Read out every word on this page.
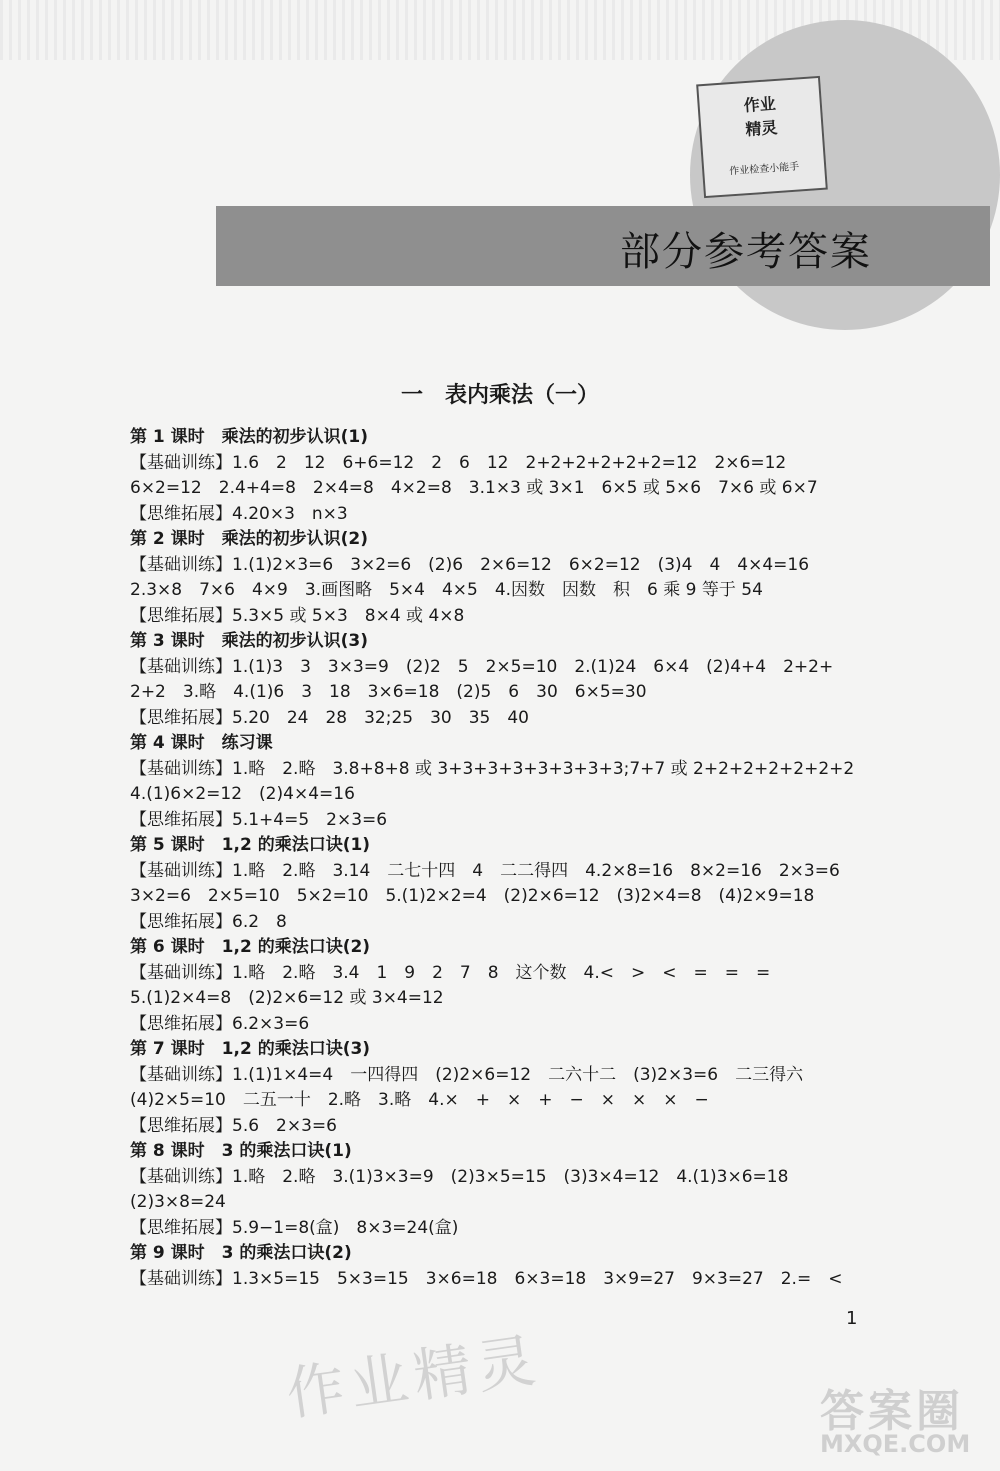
作业
精灵
作业检查小能手
部分参考答案
一　表内乘法（一）
第 1 课时　乘法的初步认识(1)
【基础训练】1.6　2　12　6+6=12　2　6　12　2+2+2+2+2+2=12　2×6=12
6×2=12　2.4+4=8　2×4=8　4×2=8　3.1×3 或 3×1　6×5 或 5×6　7×6 或 6×7
【思维拓展】4.20×3　n×3
第 2 课时　乘法的初步认识(2)
【基础训练】1.(1)2×3=6　3×2=6　(2)6　2×6=12　6×2=12　(3)4　4　4×4=16
2.3×8　7×6　4×9　3.画图略　5×4　4×5　4.因数　因数　积　6 乘 9 等于 54
【思维拓展】5.3×5 或 5×3　8×4 或 4×8
第 3 课时　乘法的初步认识(3)
【基础训练】1.(1)3　3　3×3=9　(2)2　5　2×5=10　2.(1)24　6×4　(2)4+4　2+2+
2+2　3.略　4.(1)6　3　18　3×6=18　(2)5　6　30　6×5=30
【思维拓展】5.20　24　28　32;25　30　35　40
第 4 课时　练习课
【基础训练】1.略　2.略　3.8+8+8 或 3+3+3+3+3+3+3+3;7+7 或 2+2+2+2+2+2+2
4.(1)6×2=12　(2)4×4=16
【思维拓展】5.1+4=5　2×3=6
第 5 课时　1,2 的乘法口诀(1)
【基础训练】1.略　2.略　3.14　二七十四　4　二二得四　4.2×8=16　8×2=16　2×3=6
3×2=6　2×5=10　5×2=10　5.(1)2×2=4　(2)2×6=12　(3)2×4=8　(4)2×9=18
【思维拓展】6.2　8
第 6 课时　1,2 的乘法口诀(2)
【基础训练】1.略　2.略　3.4　1　9　2　7　8　这个数　4.<　>　<　=　=　=
5.(1)2×4=8　(2)2×6=12 或 3×4=12
【思维拓展】6.2×3=6
第 7 课时　1,2 的乘法口诀(3)
【基础训练】1.(1)1×4=4　一四得四　(2)2×6=12　二六十二　(3)2×3=6　二三得六
(4)2×5=10　二五一十　2.略　3.略　4.×　+　×　+　−　×　×　×　−
【思维拓展】5.6　2×3=6
第 8 课时　3 的乘法口诀(1)
【基础训练】1.略　2.略　3.(1)3×3=9　(2)3×5=15　(3)3×4=12　4.(1)3×6=18
(2)3×8=24
【思维拓展】5.9−1=8(盒)　8×3=24(盒)
第 9 课时　3 的乘法口诀(2)
【基础训练】1.3×5=15　5×3=15　3×6=18　6×3=18　3×9=27　9×3=27　2.=　<
1
作业精灵	答案圈
MXQE.COM
